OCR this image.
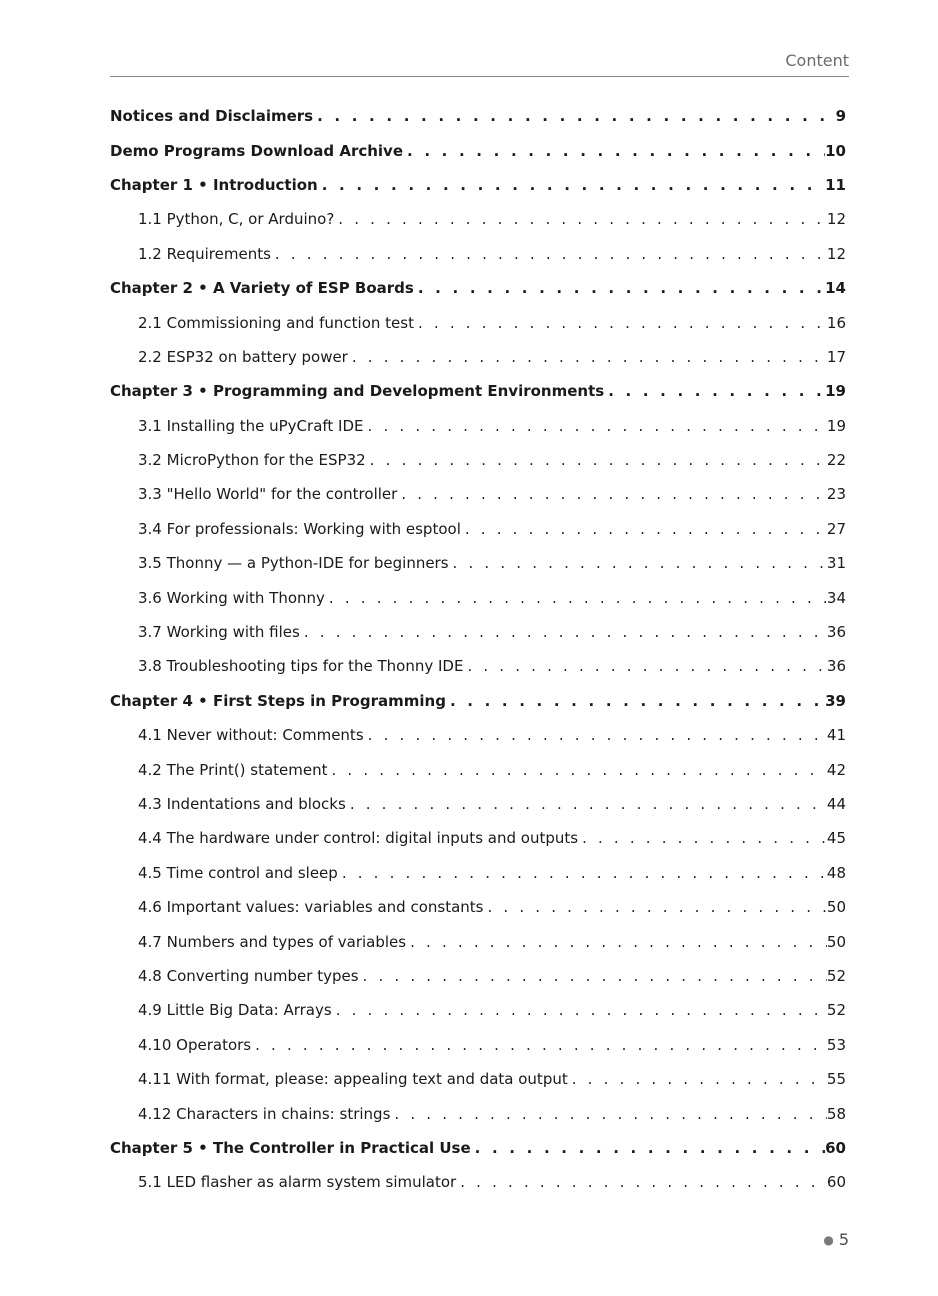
Content
Notices and Disclaimers . . .	9
Demo Programs Download Archive . . .	10
Chapter 1 • Introduction . . .	11
1.1 Python, C, or Arduino? . . .	12
1.2 Requirements . . .	12
Chapter 2 • A Variety of ESP Boards . . .	14
2.1 Commissioning and function test . . .	16
2.2 ESP32 on battery power . . .	17
Chapter 3 • Programming and Development Environments . . .	19
3.1 Installing the uPyCraft IDE . . .	19
3.2 MicroPython for the ESP32 . . .	22
3.3 "Hello World" for the controller . . .	23
3.4 For professionals: Working with esptool . . .	27
3.5 Thonny — a Python-IDE for beginners . . .	31
3.6 Working with Thonny . . .	34
3.7 Working with files . . .	36
3.8 Troubleshooting tips for the Thonny IDE . . .	36
Chapter 4 • First Steps in Programming . . .	39
4.1 Never without: Comments . . .	41
4.2 The Print() statement . . .	42
4.3 Indentations and blocks . . .	44
4.4 The hardware under control: digital inputs and outputs . . .	45
4.5 Time control and sleep . . .	48
4.6 Important values: variables and constants . . .	50
4.7 Numbers and types of variables . . .	50
4.8 Converting number types . . .	52
4.9 Little Big Data: Arrays . . .	52
4.10 Operators . . .	53
4.11 With format, please: appealing text and data output . . .	55
4.12 Characters in chains: strings . . .	58
Chapter 5 • The Controller in Practical Use . . .	60
5.1 LED flasher as alarm system simulator . . .	60
● 5
